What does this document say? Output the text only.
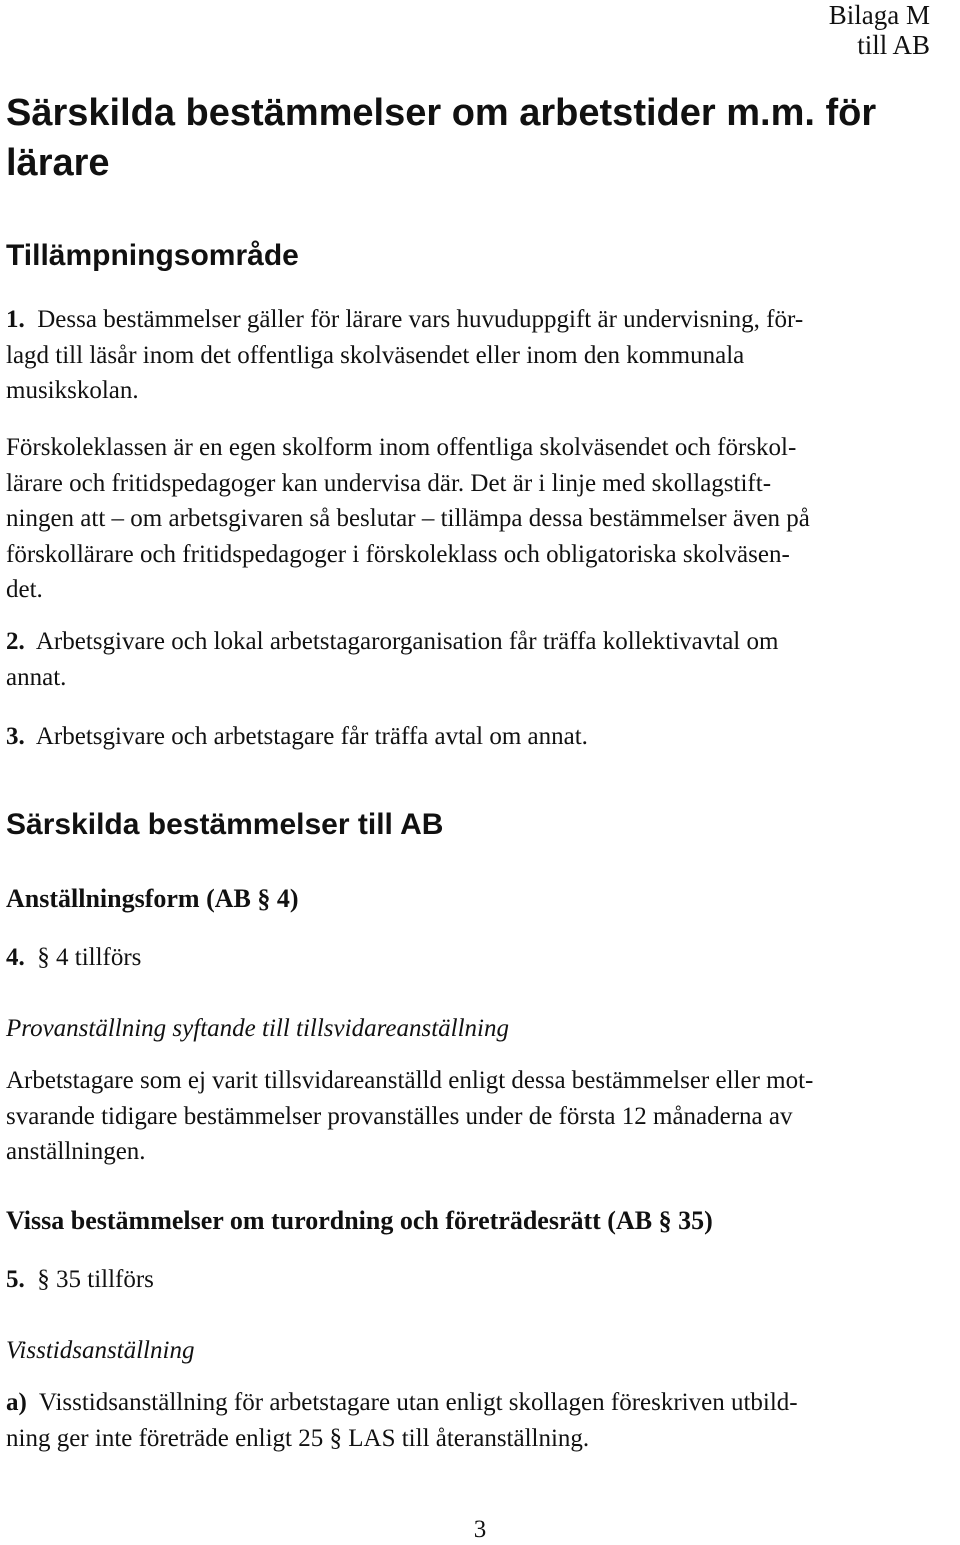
Bilaga M
till AB
Särskilda bestämmelser om arbetstider m.m. för
lärare
Tillämpningsområde
1. Dessa bestämmelser gäller för lärare vars huvuduppgift är undervisning, för-
lagd till läsår inom det offentliga skolväsendet eller inom den kommunala
musikskolan.
Förskoleklassen är en egen skolform inom offentliga skolväsendet och förskol-
lärare och fritidspedagoger kan undervisa där. Det är i linje med skollagstift-
ningen att – om arbetsgivaren så beslutar – tillämpa dessa bestämmelser även på
förskollärare och fritidspedagoger i förskoleklass och obligatoriska skolväsen-
det.
2. Arbetsgivare och lokal arbetstagarorganisation får träffa kollektivavtal om
annat.
3. Arbetsgivare och arbetstagare får träffa avtal om annat.
Särskilda bestämmelser till AB
Anställningsform (AB § 4)
4. § 4 tillförs
Provanställning syftande till tillsvidareanställning
Arbetstagare som ej varit tillsvidareanställd enligt dessa bestämmelser eller mot-
svarande tidigare bestämmelser provanställes under de första 12 månaderna av
anställningen.
Vissa bestämmelser om turordning och företrädesrätt (AB § 35)
5. § 35 tillförs
Visstidsanställning
a) Visstidsanställning för arbetstagare utan enligt skollagen föreskriven utbild-
ning ger inte företräde enligt 25 § LAS till återanställning.
3
